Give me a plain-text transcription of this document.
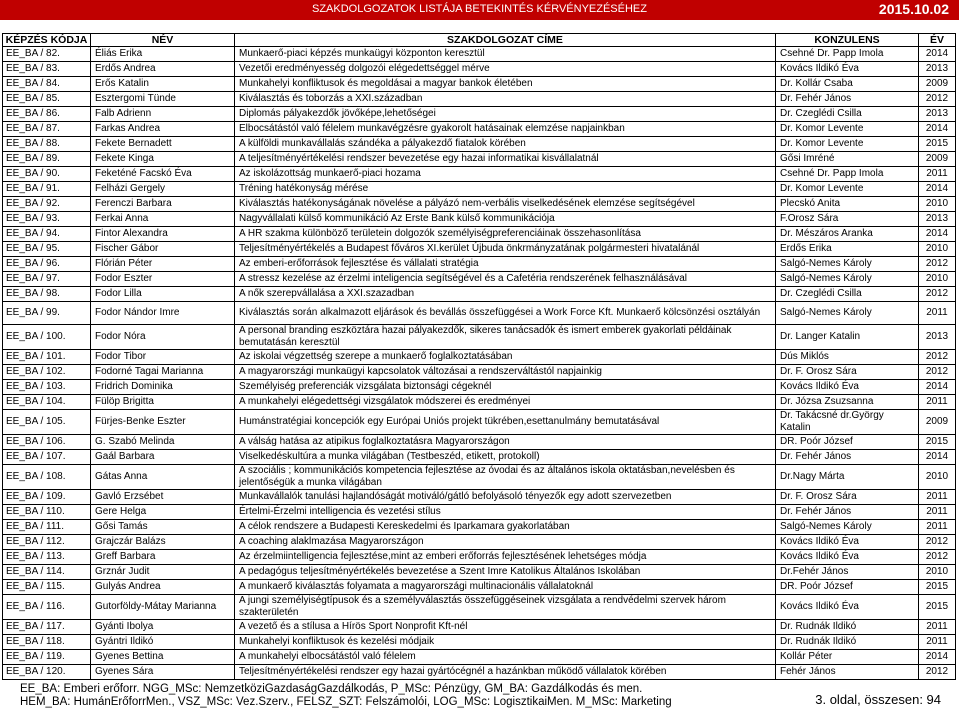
SZAKDOLGOZATOK LISTÁJA BETEKINTÉS KÉRVÉNYEZÉSÉHEZ	2015.10.02
KÉPZÉS KÓDJA	NÉV	SZAKDOLGOZAT CÍME	KONZULENS	ÉV
EE_BA / 82.	Éliás Erika	Munkaerő-piaci képzés munkaügyi központon keresztül	Csehné Dr. Papp Imola	2014
EE_BA / 83.	Erdős Andrea	Vezetői eredményesség dolgozói elégedettséggel mérve	Kovács Ildikó Éva	2013
EE_BA / 84.	Erős Katalin	Munkahelyi konfliktusok és megoldásai a magyar bankok életében	Dr. Kollár Csaba	2009
EE_BA / 85.	Esztergomi Tünde	Kiválasztás és toborzás a XXI.században	Dr. Fehér János	2012
EE_BA / 86.	Falb Adrienn	Diplomás pályakezdők jövőképe,lehetőségei	Dr. Czeglédi Csilla	2013
EE_BA / 87.	Farkas Andrea	Elbocsátástól való félelem munkavégzésre gyakorolt hatásainak elemzése napjainkban	Dr. Komor Levente	2014
EE_BA / 88.	Fekete Bernadett	A külföldi munkavállalás szándéka a pályakezdő fiatalok körében	Dr. Komor Levente	2015
EE_BA / 89.	Fekete Kinga	A teljesítményértékelési rendszer bevezetése egy hazai informatikai kisvállalatnál	Gősi Imréné	2009
EE_BA / 90.	Feketéné Facskó Éva	Az iskolázottság munkaerő-piaci hozama	Csehné Dr. Papp Imola	2011
EE_BA / 91.	Felházi Gergely	Tréning hatékonyság mérése	Dr. Komor Levente	2014
EE_BA / 92.	Ferenczi Barbara	Kiválasztás hatékonyságának növelése a pályázó nem-verbális viselkedésének elemzése segítségével	Plecskó Anita	2010
EE_BA / 93.	Ferkai Anna	Nagyvállalati külső kommunikáció Az Erste Bank külső kommunikációja	F.Orosz Sára	2013
EE_BA / 94.	Fintor Alexandra	A HR szakma különböző területein dolgozók személyiségpreferenciáinak összehasonlítása	Dr. Mészáros Aranka	2014
EE_BA / 95.	Fischer Gábor	Teljesítményértékelés a Budapest főváros XI.kerület Újbuda önkrmányzatának polgármesteri hivatalánál	Erdős Erika	2010
EE_BA / 96.	Flórián Péter	Az emberi-erőforrások fejlesztése és vállalati stratégia	Salgó-Nemes Károly	2012
EE_BA / 97.	Fodor Eszter	A stressz kezelése az érzelmi inteligencia segítségével és a Cafetéria rendszerének felhasználásával	Salgó-Nemes Károly	2010
EE_BA / 98.	Fodor Lilla	A nők szerepvállalása a XXI.szazadban	Dr. Czeglédi Csilla	2012
EE_BA / 99.	Fodor Nándor Imre	Kiválasztás során alkalmazott eljárások és bevállás összefüggései a Work Force Kft. Munkaerő kölcsönzési osztályán	Salgó-Nemes Károly	2011
EE_BA / 100.	Fodor Nóra	A personal branding eszköztára hazai pályakezdők, sikeres tanácsadók és ismert emberek gyakorlati példáinak bemutatásán keresztül	Dr. Langer Katalin	2013
EE_BA / 101.	Fodor Tibor	Az iskolai végzettség szerepe a munkaerő foglalkoztatásában	Dús Miklós	2012
EE_BA / 102.	Fodorné Tagai Marianna	A magyarországi munkaügyi kapcsolatok változásai a rendszerváltástól napjainkig	Dr. F. Orosz Sára	2012
EE_BA / 103.	Fridrich Dominika	Személyiség preferenciák vizsgálata biztonsági cégeknél	Kovács Ildikó Éva	2014
EE_BA / 104.	Fülöp Brigitta	A munkahelyi elégedettségi vizsgálatok módszerei és eredményei	Dr. Józsa Zsuzsanna	2011
EE_BA / 105.	Fürjes-Benke Eszter	Humánstratégiai koncepciók egy Európai Uniós projekt tükrében,esettanulmány bemutatásával	Dr. Takácsné dr.György Katalin	2009
EE_BA / 106.	G. Szabó Melinda	A válság hatása az atipikus foglalkoztatásra Magyarországon	DR. Poór József	2015
EE_BA / 107.	Gaál Barbara	Viselkedéskultúra a munka világában (Testbeszéd, etikett, protokoll)	Dr. Fehér János	2014
EE_BA / 108.	Gátas Anna	A szociális ; kommunikációs kompetencia fejlesztése az óvodai és az általános iskola oktatásban,nevelésben és jelentőségük a munka világában	Dr.Nagy Márta	2010
EE_BA / 109.	Gavló Erzsébet	Munkavállalók tanulási hajlandóságát motiváló/gátló befolyásoló tényezők egy adott szervezetben	Dr. F. Orosz Sára	2011
EE_BA / 110.	Gere Helga	Értelmi-Érzelmi intelligencia és vezetési stílus	Dr. Fehér János	2011
EE_BA / 111.	Gősi Tamás	A célok rendszere a Budapesti Kereskedelmi és Iparkamara gyakorlatában	Salgó-Nemes Károly	2011
EE_BA / 112.	Grajczár Balázs	A coaching alaklmazása Magyarországon	Kovács Ildikó Éva	2012
EE_BA / 113.	Greff Barbara	Az érzelmiintelligencia fejlesztése,mint az emberi erőforrás fejlesztésének lehetséges módja	Kovács Ildikó Éva	2012
EE_BA / 114.	Grznár Judit	A pedagógus teljesítményértékelés bevezetése a Szent Imre Katolikus Általános Iskolában	Dr.Fehér János	2010
EE_BA / 115.	Gulyás Andrea	A munkaerő kiválasztás folyamata a magyarországi multinacionális vállalatoknál	DR. Poór József	2015
EE_BA / 116.	Gutorföldy-Mátay Marianna	A jungi személyiségtípusok és a személyválasztás összefüggéseinek vizsgálata a rendvédelmi szervek három szakterületén	Kovács Ildikó Éva	2015
EE_BA / 117.	Gyánti Ibolya	A vezető és a stílusa a Hírös Sport Nonprofit Kft-nél	Dr. Rudnák Ildikó	2011
EE_BA / 118.	Gyántri Ildikó	Munkahelyi konfliktusok és kezelési módjaik	Dr. Rudnák Ildikó	2011
EE_BA / 119.	Gyenes Bettina	A munkahelyi elbocsátástól való félelem	Kollár Péter	2014
EE_BA / 120.	Gyenes Sára	Teljesítményértékelési rendszer egy hazai gyártócégnél a hazánkban működő vállalatok körében	Fehér János	2012
EE_BA: Emberi erőforr. NGG_MSc: NemzetköziGazdaságGazdálkodás, P_MSc: Pénzügy, GM_BA: Gazdálkodás és men.
HEM_BA: HumánErőforrMen., VSZ_MSc: Vez.Szerv., FELSZ_SZT: Felszámolói, LOG_MSc: LogisztikaiMen. M_MSc: Marketing	3. oldal, összesen: 94
